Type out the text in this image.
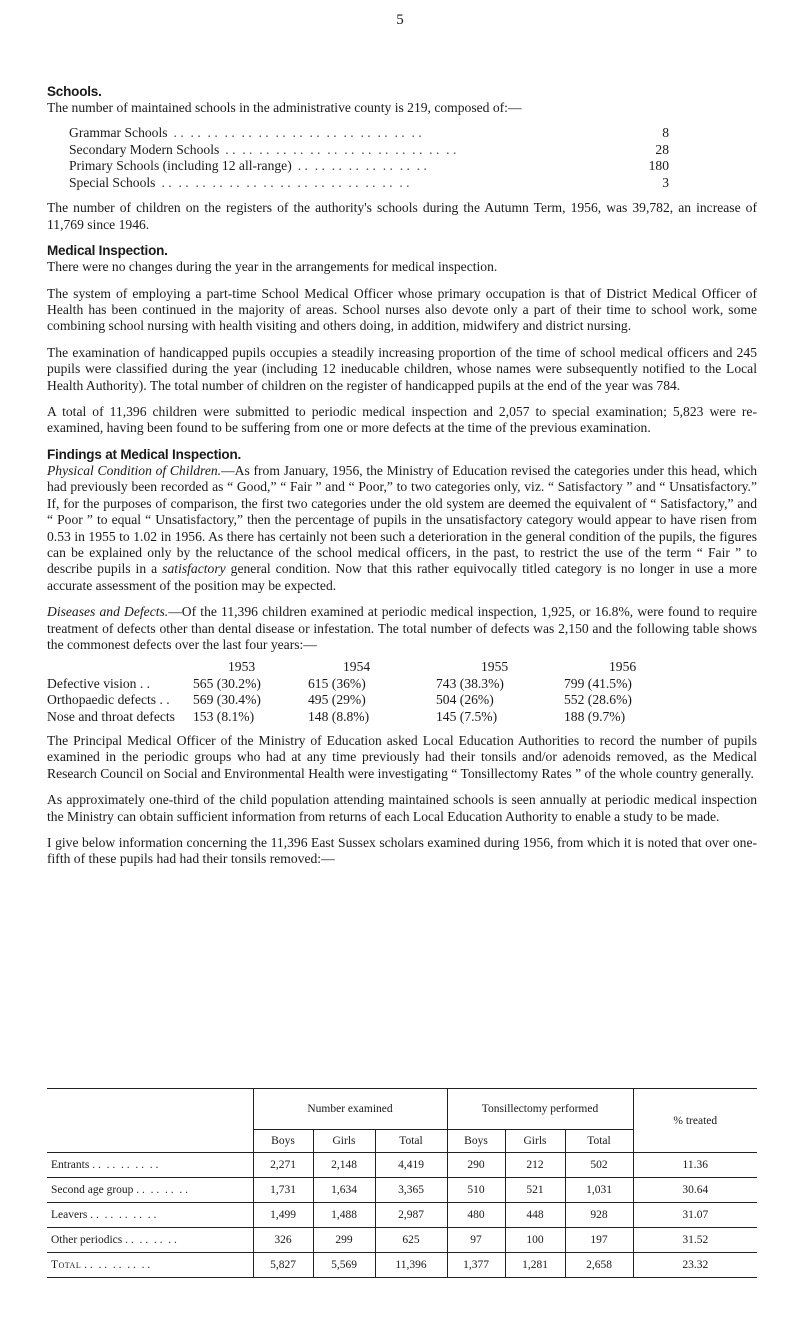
5
Schools.

The number of maintained schools in the administrative county is 219, composed of:—

Grammar Schools . .  . .  . .  . .  . .  . .  . .  . .  . .  . .  . .  . .  . .  . .  . .	8
Secondary Modern Schools . .  . .  . .  . .  . .  . .  . .  . .  . .  . .  . .  . .  . .  . .	28
Primary Schools (including 12 all-range) . .  . .  . .  . .  . .  . .  . .  . .	180
Special Schools . .  . .  . .  . .  . .  . .  . .  . .  . .  . .  . .  . .  . .  . .  . .	3

The number of children on the registers of the authority's schools during the Autumn Term, 1956, was 39,782, an increase of 11,769 since 1946.

Medical Inspection.

There were no changes during the year in the arrangements for medical inspection.

The system of employing a part-time School Medical Officer whose primary occupation is that of District Medical Officer of Health has been continued in the majority of areas. School nurses also devote only a part of their time to school work, some combining school nursing with health visiting and others doing, in addition, midwifery and district nursing.

The examination of handicapped pupils occupies a steadily increasing proportion of the time of school medical officers and 245 pupils were classified during the year (including 12 ineducable children, whose names were subsequently notified to the Local Health Authority). The total number of children on the register of handicapped pupils at the end of the year was 784.

A total of 11,396 children were submitted to periodic medical inspection and 2,057 to special examination; 5,823 were re-examined, having been found to be suffering from one or more defects at the time of the previous examination.

Findings at Medical Inspection.

Physical Condition of Children.—As from January, 1956, the Ministry of Education revised the categories under this head, which had previously been recorded as “ Good,” “ Fair ” and “ Poor,” to two categories only, viz. “ Satisfactory ” and “ Unsatisfactory.” If, for the purposes of comparison, the first two categories under the old system are deemed the equivalent of “ Satisfactory,” and “ Poor ” to equal “ Unsatisfactory,” then the percentage of pupils in the unsatisfactory category would appear to have risen from 0.53 in 1955 to 1.02 in 1956. As there has certainly not been such a deterioration in the general condition of the pupils, the figures can be explained only by the reluctance of the school medical officers, in the past, to restrict the use of the term “ Fair ” to describe pupils in a satisfactory general condition. Now that this rather equivocally titled category is no longer in use a more accurate assessment of the position may be expected.

Diseases and Defects.—Of the 11,396 children examined at periodic medical inspection, 1,925, or 16.8%, were found to require treatment of defects other than dental disease or infestation. The total number of defects was 2,150 and the following table shows the commonest defects over the last four years:—

1953	1954	1955	1956
Defective vision . .	565 (30.2%)	615 (36%)	743 (38.3%)	799 (41.5%)
Orthopaedic defects . .	569 (30.4%)	495 (29%)	504 (26%)	552 (28.6%)
Nose and throat defects	153 (8.1%)	148 (8.8%)	145 (7.5%)	188 (9.7%)

The Principal Medical Officer of the Ministry of Education asked Local Education Authorities to record the number of pupils examined in the periodic groups who had at any time previously had their tonsils and/or adenoids removed, as the Medical Research Council on Social and Environmental Health were investigating “ Tonsillectomy Rates ” of the whole country generally.

As approximately one-third of the child population attending maintained schools is seen annually at periodic medical inspection the Ministry can obtain sufficient information from returns of each Local Education Authority to enable a study to be made.

I give below information concerning the 11,396 East Sussex scholars examined during 1956, from which it is noted that over one-fifth of these pupils had had their tonsils removed:—

	Number examined			Tonsillectomy performed			% treated
	Boys	Girls	Total	Boys	Girls	Total	
Entrants . .  . .  . .  . .  . .	2,271	2,148	4,419	290	212	502	11.36
Second age group . .  . .  . .  . .	1,731	1,634	3,365	510	521	1,031	30.64
Leavers . .  . .  . .  . .  . .	1,499	1,488	2,987	480	448	928	31.07
Other periodics . .  . .  . .  . .	326	299	625	97	100	197	31.52
Total . .  . .  . .  . .  . .	5,827	5,569	11,396	1,377	1,281	2,658	23.32
